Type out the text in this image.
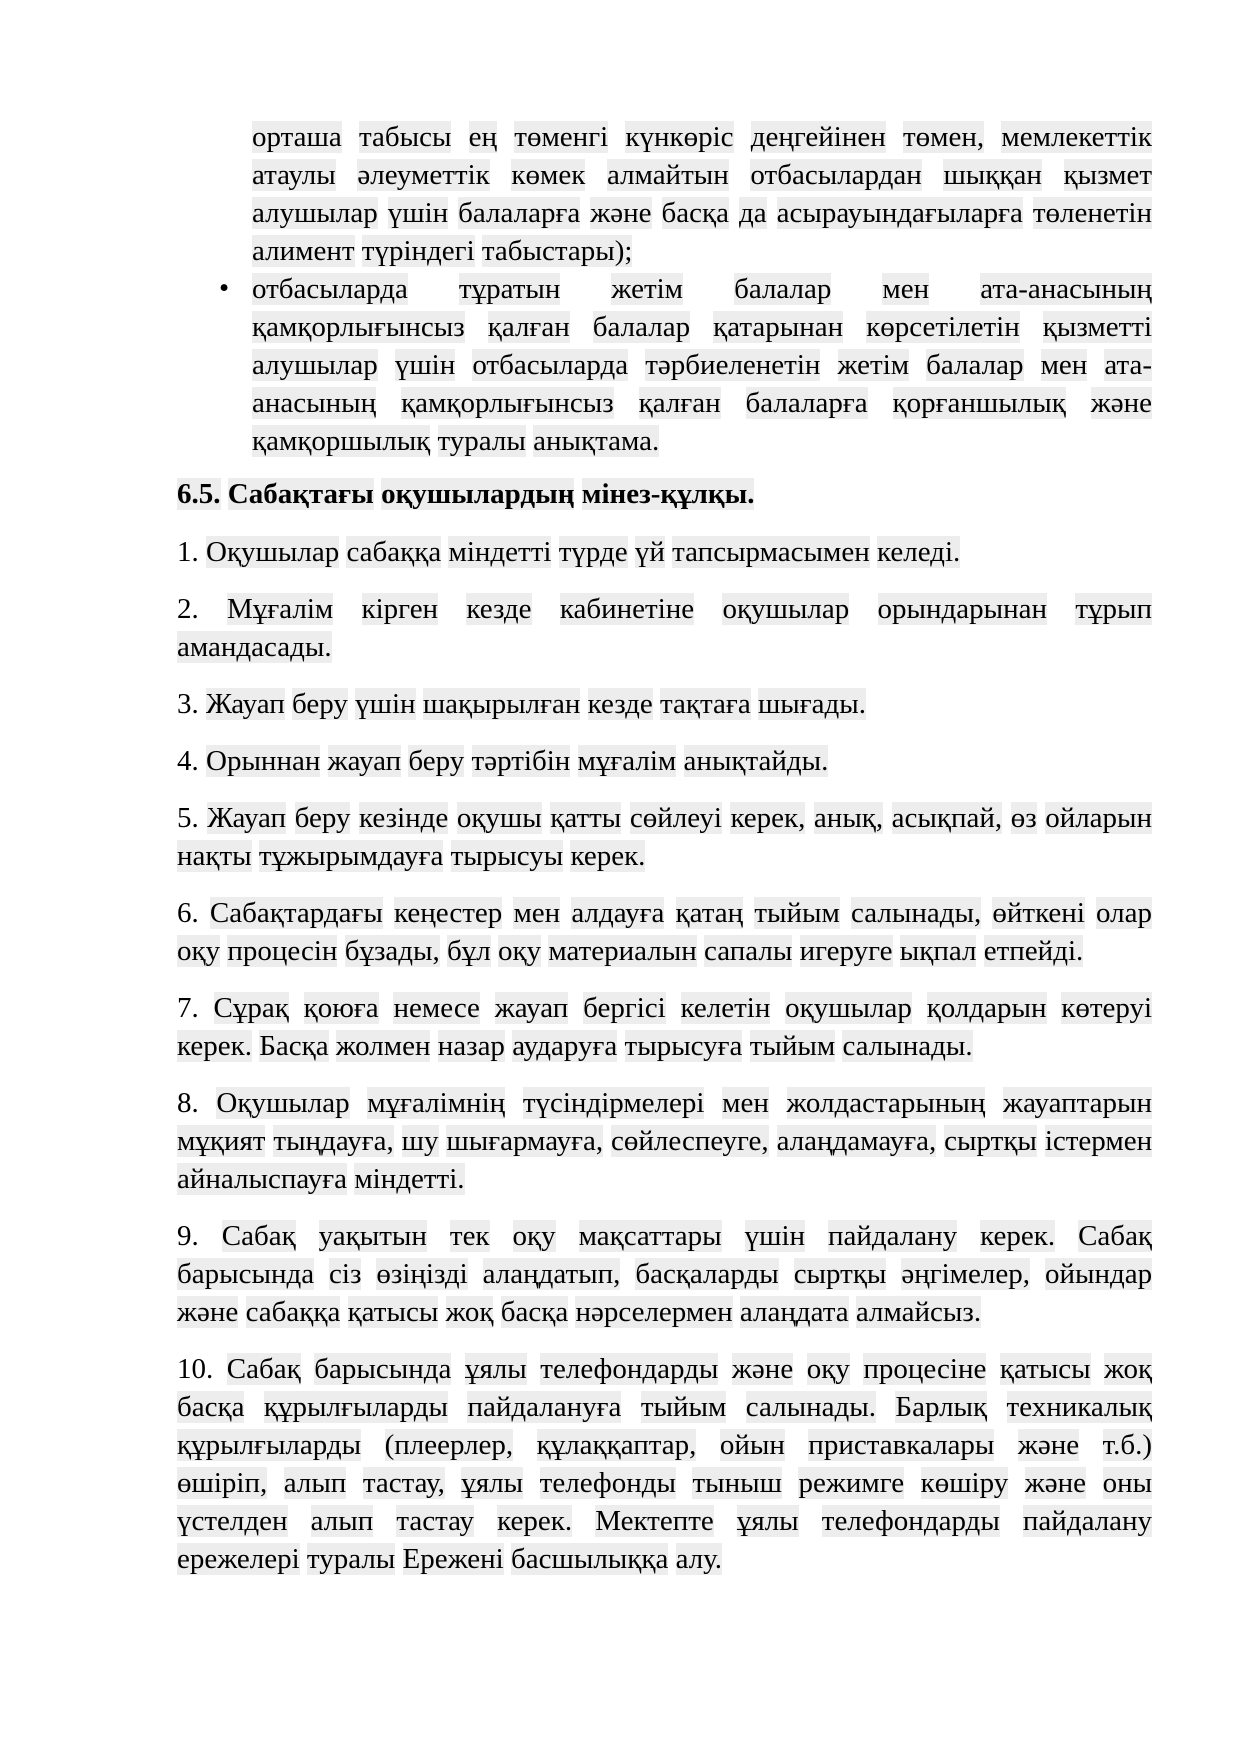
орташа табысы ең төменгі күнкөріс деңгейінен төмен, мемлекеттік атаулы әлеуметтік көмек алмайтын отбасылардан шыққан қызмет алушылар үшін балаларға және басқа да асырауындағыларға төленетін алимент түріндегі табыстары);

• отбасыларда тұратын жетім балалар мен ата-анасының қамқорлығынсыз қалған балалар қатарынан көрсетілетін қызметті алушылар үшін отбасыларда тәрбиеленетін жетім балалар мен ата-анасының қамқорлығынсыз қалған балаларға қорғаншылық және қамқоршылық туралы анықтама.

6.5. Сабақтағы оқушылардың мінез-құлқы.

1. Оқушылар сабаққа міндетті түрде үй тапсырмасымен келеді.

2. Мұғалім кірген кезде кабинетіне оқушылар орындарынан тұрып амандасады.

3. Жауап беру үшін шақырылған кезде тақтаға шығады.

4. Орыннан жауап беру тәртібін мұғалім анықтайды.

5. Жауап беру кезінде оқушы қатты сөйлеуі керек, анық, асықпай, өз ойларын нақты тұжырымдауға тырысуы керек.

6. Сабақтардағы кеңестер мен алдауға қатаң тыйым салынады, өйткені олар оқу процесін бұзады, бұл оқу материалын сапалы игеруге ықпал етпейді.

7. Сұрақ қоюға немесе жауап бергісі келетін оқушылар қолдарын көтеруі керек. Басқа жолмен назар аударуға тырысуға тыйым салынады.

8. Оқушылар мұғалімнің түсіндірмелері мен жолдастарының жауаптарын мұқият тыңдауға, шу шығармауға, сөйлеспеуге, алаңдамауға, сыртқы істермен айналыспауға міндетті.

9. Сабақ уақытын тек оқу мақсаттары үшін пайдалану керек. Сабақ барысында сіз өзіңізді алаңдатып, басқаларды сыртқы әңгімелер, ойындар және сабаққа қатысы жоқ басқа нәрселермен алаңдата алмайсыз.

10. Сабақ барысында ұялы телефондарды және оқу процесіне қатысы жоқ басқа құрылғыларды пайдалануға тыйым салынады. Барлық техникалық құрылғыларды (плеерлер, құлаққаптар, ойын приставкалары және т.б.) өшіріп, алып тастау, ұялы телефонды тыныш режимге көшіру және оны үстелден алып тастау керек. Мектепте ұялы телефондарды пайдалану ережелері туралы Ережені басшылыққа алу.
